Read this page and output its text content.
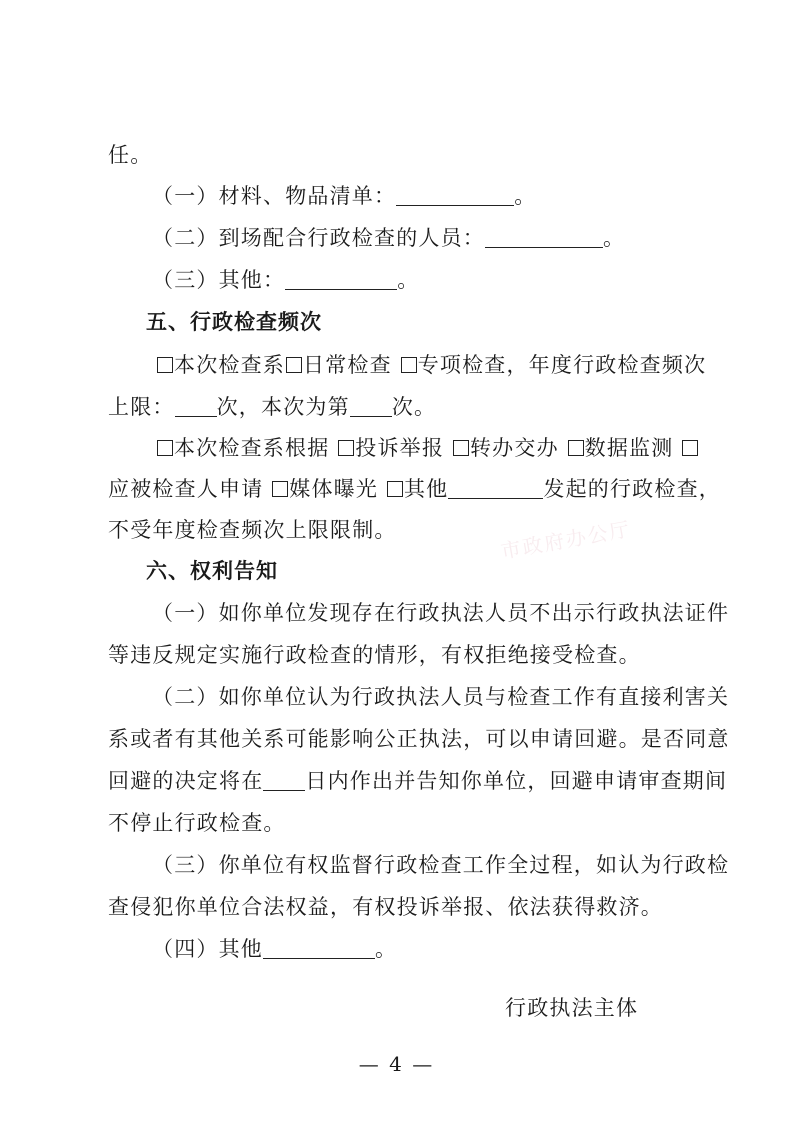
市政府办公厅
任。
（一）材料、物品清单：	。
（二）到场配合行政检查的人员：	。
（三）其他：	。
五、行政检查频次
本次检查系 日常检查 专项检查，年度行政检查频次
上限： 次，本次为第 次。
本次检查系根据 投诉举报 转办交办 数据监测
应被检查人申请 媒体曝光 其他	发起的行政检查，
不受年度检查频次上限限制。
六、权利告知
（一）如你单位发现存在行政执法人员不出示行政执法证件
等违反规定实施行政检查的情形，有权拒绝接受检查。
（二）如你单位认为行政执法人员与检查工作有直接利害关
系或者有其他关系可能影响公正执法，可以申请回避。是否同意
回避的决定将在 日内作出并告知你单位，回避申请审查期间
不停止行政检查。
（三）你单位有权监督行政检查工作全过程，如认为行政检
查侵犯你单位合法权益，有权投诉举报、依法获得救济。
（四）其他	。
行政执法主体
— 4 —
